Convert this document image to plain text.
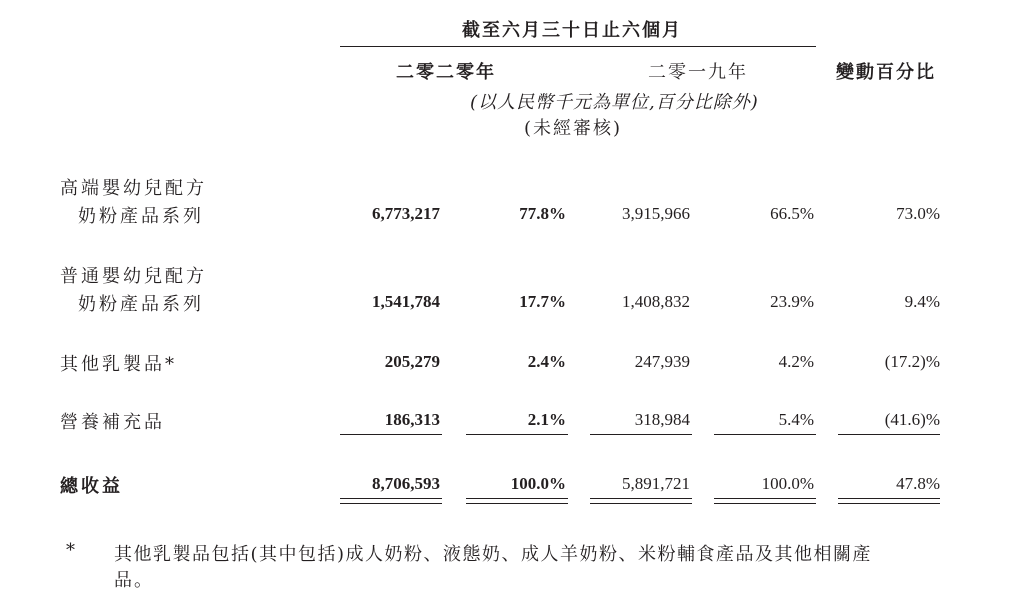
截至六月三十日止六個月
二零二零年	二零一九年	變動百分比
(以人民幣千元為單位,百分比除外)
(未經審核)
高端嬰幼兒配方
奶粉產品系列	6,773,217	77.8%	3,915,966	66.5%	73.0%
普通嬰幼兒配方
奶粉產品系列	1,541,784	17.7%	1,408,832	23.9%	9.4%
其他乳製品*	205,279	2.4%	247,939	4.2%	(17.2)%
營養補充品	186,313	2.1%	318,984	5.4%	(41.6)%
總收益	8,706,593	100.0%	5,891,721	100.0%	47.8%
* 其他乳製品包括(其中包括)成人奶粉、液態奶、成人羊奶粉、米粉輔食產品及其他相關產
品。
